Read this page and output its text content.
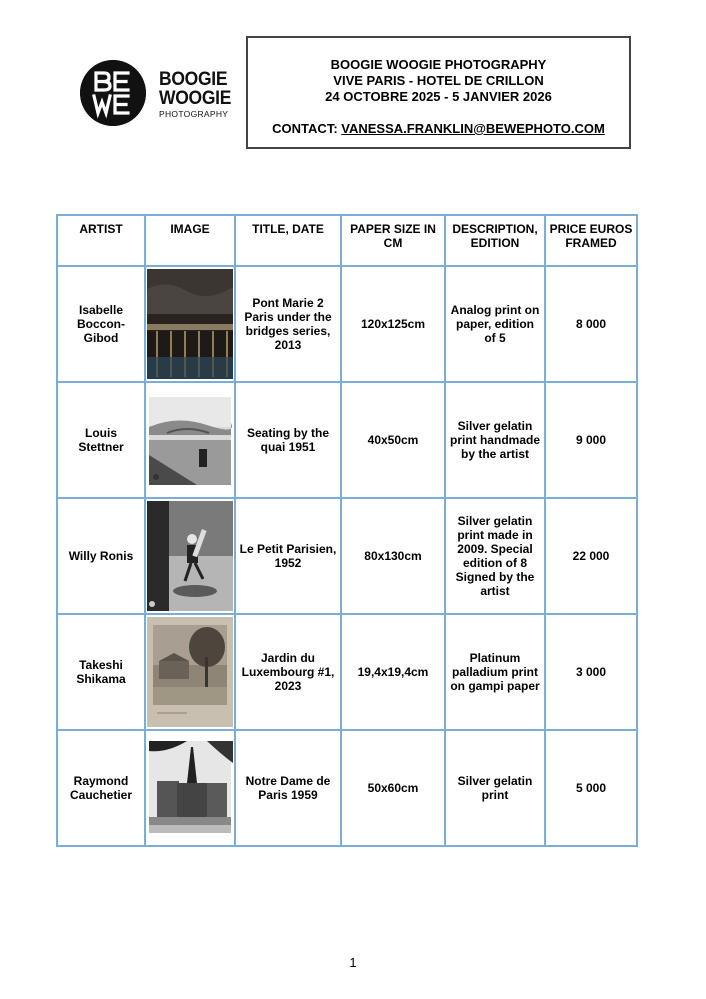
BOOGIE
WOOGIE
PHOTOGRAPHY
BOOGIE WOOGIE PHOTOGRAPHY
VIVE PARIS - HOTEL DE CRILLON
24 OCTOBRE 2025 - 5 JANVIER 2026
CONTACT: VANESSA.FRANKLIN@BEWEPHOTO.COM
ARTIST	IMAGE	TITLE, DATE	PAPER SIZE IN CM	DESCRIPTION, EDITION	PRICE EUROS FRAMED
Isabelle Boccon-Gibod		Pont Marie 2 Paris under the bridges series, 2013	120x125cm	Analog print on paper, edition of 5	8 000
Louis Stettner		Seating by the quai 1951	40x50cm	Silver gelatin print handmade by the artist	9 000
Willy Ronis		Le Petit Parisien, 1952	80x130cm	Silver gelatin print made in 2009. Special edition of 8 Signed by the artist	22 000
Takeshi Shikama		Jardin du Luxembourg #1, 2023	19,4x19,4cm	Platinum palladium print on gampi paper	3 000
Raymond Cauchetier		Notre Dame de Paris 1959	50x60cm	Silver gelatin print	5 000
1
